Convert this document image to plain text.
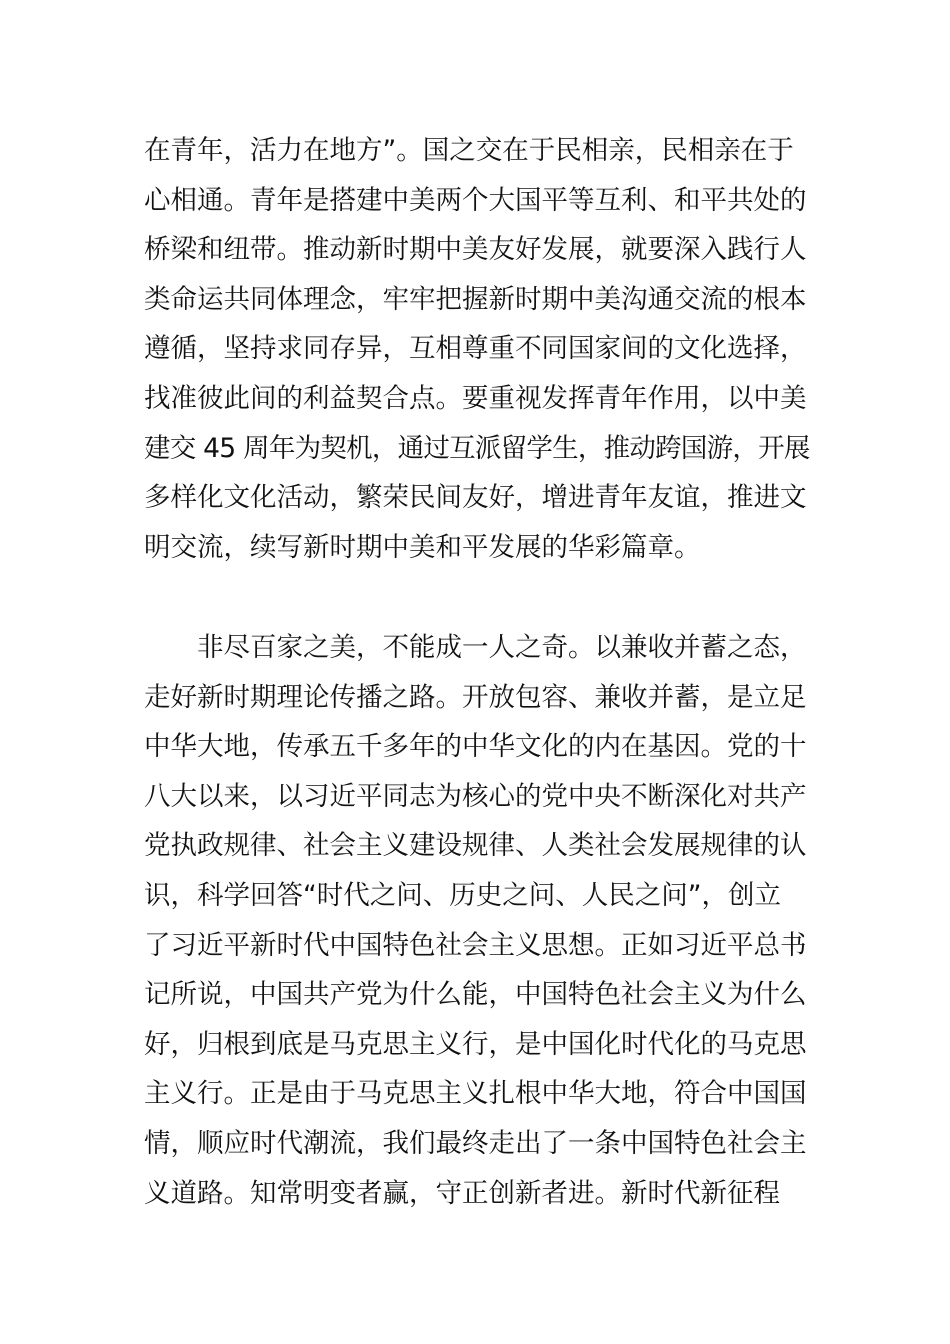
在青年，活力在地方”。国之交在于民相亲，民相亲在于
心相通。青年是搭建中美两个大国平等互利、和平共处的
桥梁和纽带。推动新时期中美友好发展，就要深入践行人
类命运共同体理念，牢牢把握新时期中美沟通交流的根本
遵循，坚持求同存异，互相尊重不同国家间的文化选择，
找准彼此间的利益契合点。要重视发挥青年作用，以中美
建交 45 周年为契机，通过互派留学生，推动跨国游，开展
多样化文化活动，繁荣民间友好，增进青年友谊，推进文
明交流，续写新时期中美和平发展的华彩篇章。

非尽百家之美，不能成一人之奇。以兼收并蓄之态，
走好新时期理论传播之路。开放包容、兼收并蓄，是立足
中华大地，传承五千多年的中华文化的内在基因。党的十
八大以来，以习近平同志为核心的党中央不断深化对共产
党执政规律、社会主义建设规律、人类社会发展规律的认
识，科学回答“时代之问、历史之问、人民之问”，创立
了习近平新时代中国特色社会主义思想。正如习近平总书
记所说，中国共产党为什么能，中国特色社会主义为什么
好，归根到底是马克思主义行，是中国化时代化的马克思
主义行。正是由于马克思主义扎根中华大地，符合中国国
情，顺应时代潮流，我们最终走出了一条中国特色社会主
义道路。知常明变者赢，守正创新者进。新时代新征程
